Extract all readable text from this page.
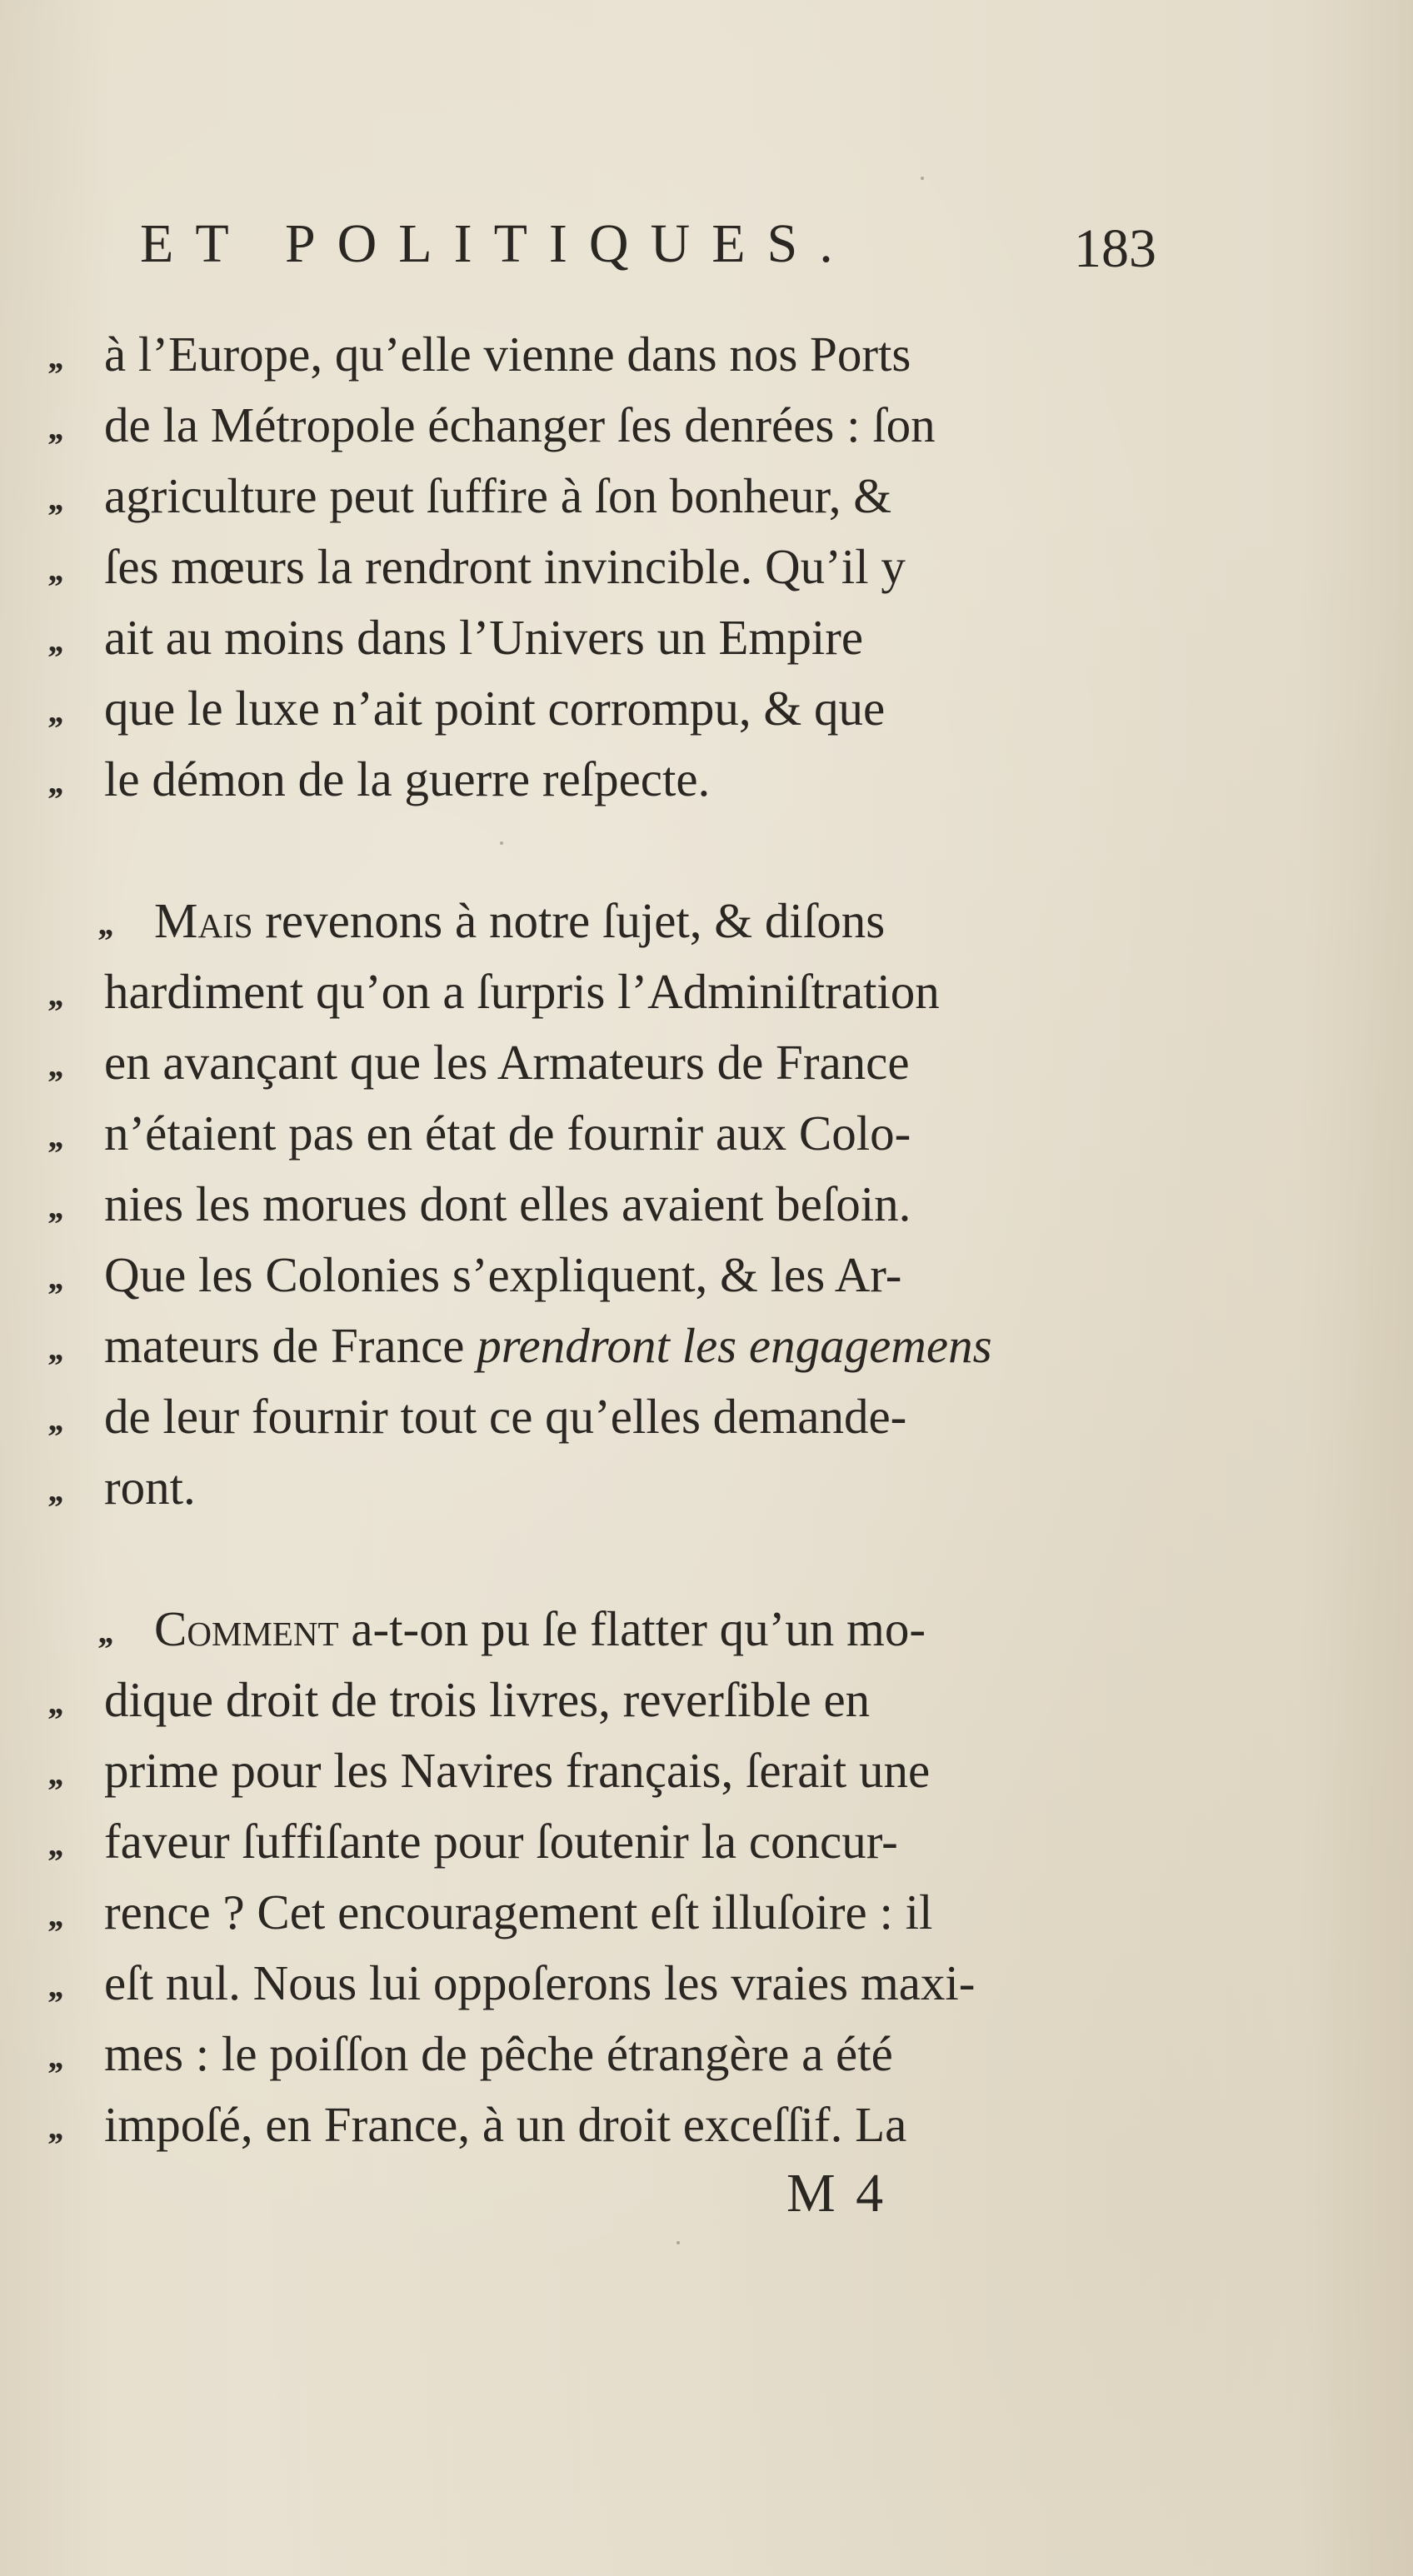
ET POLITIQUES.	183
,, à l’Europe, qu’elle vienne dans nos Ports
,, de la Métropole échanger ſes denrées : ſon
,, agriculture peut ſuffire à ſon bonheur, &
,, ſes mœurs la rendront invincible. Qu’il y
,, ait au moins dans l’Univers un Empire
,, que le luxe n’ait point corrompu, & que
,, le démon de la guerre reſpecte.
,, Mais revenons à notre ſujet, & diſons
,, hardiment qu’on a ſurpris l’Adminiſtration
,, en avançant que les Armateurs de France
,, n’étaient pas en état de fournir aux Colo-
,, nies les morues dont elles avaient beſoin.
,, Que les Colonies s’expliquent, & les Ar-
,, mateurs de France prendront les engagemens
,, de leur fournir tout ce qu’elles demande-
,, ront.
,, Comment a-t-on pu ſe flatter qu’un mo-
,, dique droit de trois livres, reverſible en
,, prime pour les Navires français, ſerait une
,, faveur ſuffiſante pour ſoutenir la concur-
,, rence ? Cet encouragement eſt illuſoire : il
,, eſt nul. Nous lui oppoſerons les vraies maxi-
,, mes : le poiſſon de pêche étrangère a été
,, impoſé, en France, à un droit exceſſif. La
M 4
